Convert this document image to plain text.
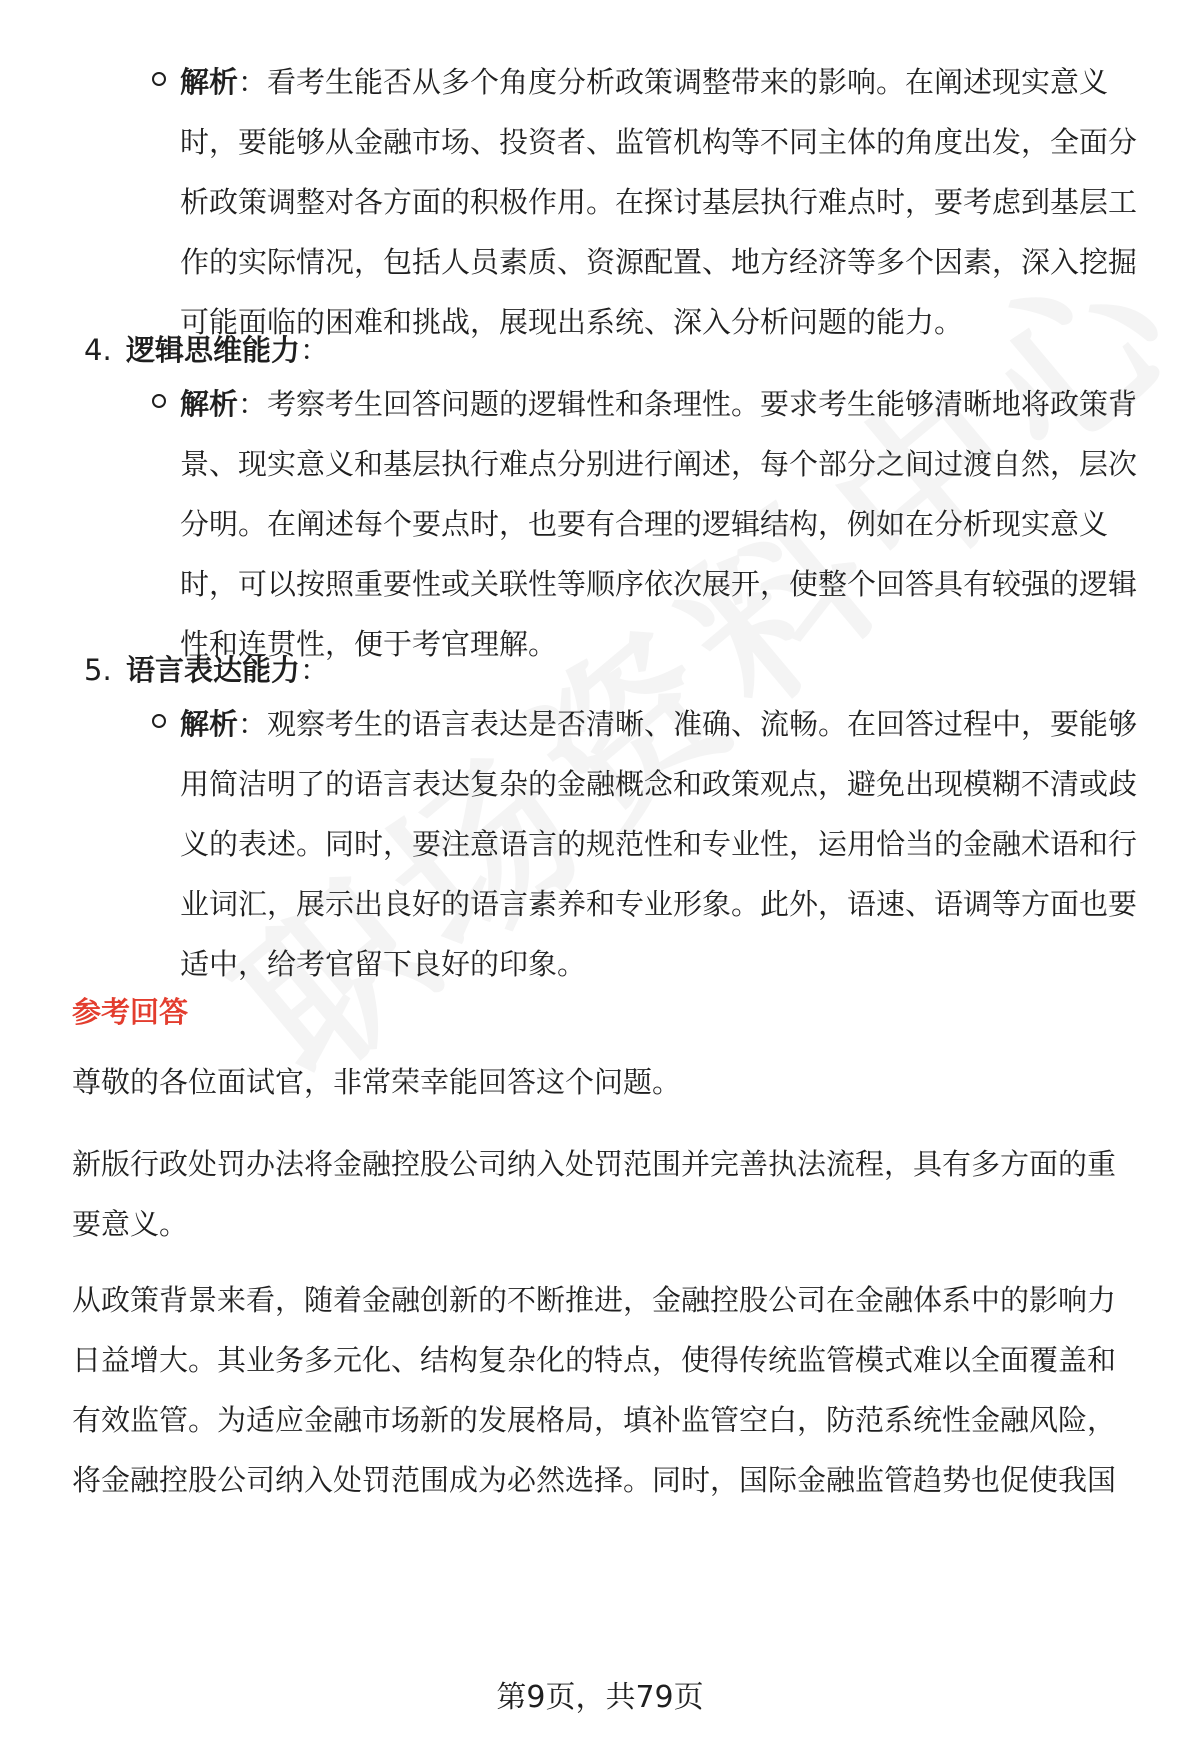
解析：看考生能否从多个角度分析政策调整带来的影响。在阐述现实意义时，要能够从金融市场、投资者、监管机构等不同主体的角度出发，全面分析政策调整对各方面的积极作用。在探讨基层执行难点时，要考虑到基层工作的实际情况，包括人员素质、资源配置、地方经济等多个因素，深入挖掘可能面临的困难和挑战，展现出系统、深入分析问题的能力。
4. 逻辑思维能力：
解析：考察考生回答问题的逻辑性和条理性。要求考生能够清晰地将政策背景、现实意义和基层执行难点分别进行阐述，每个部分之间过渡自然，层次分明。在阐述每个要点时，也要有合理的逻辑结构，例如在分析现实意义时，可以按照重要性或关联性等顺序依次展开，使整个回答具有较强的逻辑性和连贯性，便于考官理解。
5. 语言表达能力：
解析：观察考生的语言表达是否清晰、准确、流畅。在回答过程中，要能够用简洁明了的语言表达复杂的金融概念和政策观点，避免出现模糊不清或歧义的表述。同时，要注意语言的规范性和专业性，运用恰当的金融术语和行业词汇，展示出良好的语言素养和专业形象。此外，语速、语调等方面也要适中，给考官留下良好的印象。
参考回答
尊敬的各位面试官，非常荣幸能回答这个问题。
新版行政处罚办法将金融控股公司纳入处罚范围并完善执法流程，具有多方面的重要意义。
从政策背景来看，随着金融创新的不断推进，金融控股公司在金融体系中的影响力日益增大。其业务多元化、结构复杂化的特点，使得传统监管模式难以全面覆盖和有效监管。为适应金融市场新的发展格局，填补监管空白，防范系统性金融风险，将金融控股公司纳入处罚范围成为必然选择。同时，国际金融监管趋势也促使我国
第9页，共79页
